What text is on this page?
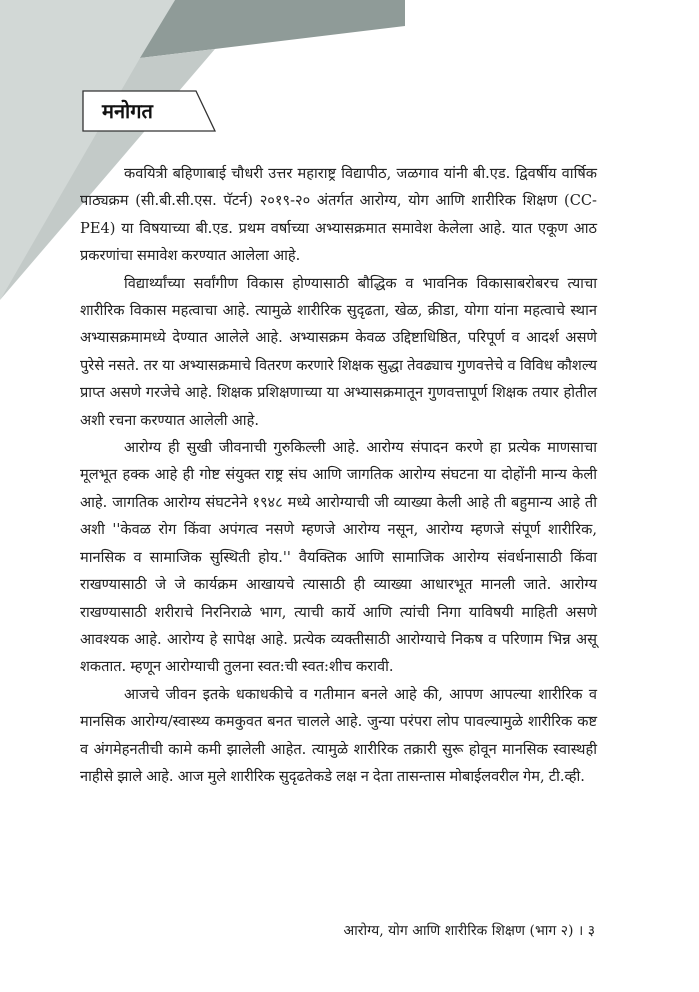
मनोगत

कवयित्री बहिणाबाई चौधरी उत्तर महाराष्ट्र विद्यापीठ, जळगाव यांनी बी.एड. द्विवर्षीय वार्षिक पाठ्यक्रम (सी.बी.सी.एस. पॅटर्न) २०१९-२० अंतर्गत आरोग्य, योग आणि शारीरिक शिक्षण (CC-PE4) या विषयाच्या बी.एड. प्रथम वर्षाच्या अभ्यासक्रमात समावेश केलेला आहे. यात एकूण आठ प्रकरणांचा समावेश करण्यात आलेला आहे.

विद्यार्थ्यांच्या सर्वांगीण विकास होण्यासाठी बौद्धिक व भावनिक विकासाबरोबरच त्याचा शारीरिक विकास महत्वाचा आहे. त्यामुळे शारीरिक सुदृढता, खेळ, क्रीडा, योगा यांना महत्वाचे स्थान अभ्यासक्रमामध्ये देण्यात आलेले आहे. अभ्यासक्रम केवळ उद्दिष्टाधिष्ठित, परिपूर्ण व आदर्श असणे पुरेसे नसते. तर या अभ्यासक्रमाचे वितरण करणारे शिक्षक सुद्धा तेवढ्याच गुणवत्तेचे व विविध कौशल्य प्राप्त असणे गरजेचे आहे. शिक्षक प्रशिक्षणाच्या या अभ्यासक्रमातून गुणवत्तापूर्ण शिक्षक तयार होतील अशी रचना करण्यात आलेली आहे.

आरोग्य ही सुखी जीवनाची गुरुकिल्ली आहे. आरोग्य संपादन करणे हा प्रत्येक माणसाचा मूलभूत हक्क आहे ही गोष्ट संयुक्त राष्ट्र संघ आणि जागतिक आरोग्य संघटना या दोहोंनी मान्य केली आहे. जागतिक आरोग्य संघटनेने १९४८ मध्ये आरोग्याची जी व्याख्या केली आहे ती बहुमान्य आहे ती अशी ''केवळ रोग किंवा अपंगत्व नसणे म्हणजे आरोग्य नसून, आरोग्य म्हणजे संपूर्ण शारीरिक, मानसिक व सामाजिक सुस्थिती होय.'' वैयक्तिक आणि सामाजिक आरोग्य संवर्धनासाठी किंवा राखण्यासाठी जे जे कार्यक्रम आखायचे त्यासाठी ही व्याख्या आधारभूत मानली जाते. आरोग्य राखण्यासाठी शरीराचे निरनिराळे भाग, त्याची कार्ये आणि त्यांची निगा याविषयी माहिती असणे आवश्यक आहे. आरोग्य हे सापेक्ष आहे. प्रत्येक व्यक्तीसाठी आरोग्याचे निकष व परिणाम भिन्न असू शकतात. म्हणून आरोग्याची तुलना स्वत:ची स्वत:शीच करावी.

आजचे जीवन इतके धकाधकीचे व गतीमान बनले आहे की, आपण आपल्या शारीरिक व मानसिक आरोग्य/स्वास्थ्य कमकुवत बनत चालले आहे. जुन्या परंपरा लोप पावल्यामुळे शारीरिक कष्ट व अंगमेहनतीची कामे कमी झालेली आहेत. त्यामुळे शारीरिक तक्रारी सुरू होवून मानसिक स्वास्थही नाहीसे झाले आहे. आज मुले शारीरिक सुदृढतेकडे लक्ष न देता तासन्तास मोबाईलवरील गेम, टी.व्ही.

आरोग्य, योग आणि शारीरिक शिक्षण (भाग २) । ३
